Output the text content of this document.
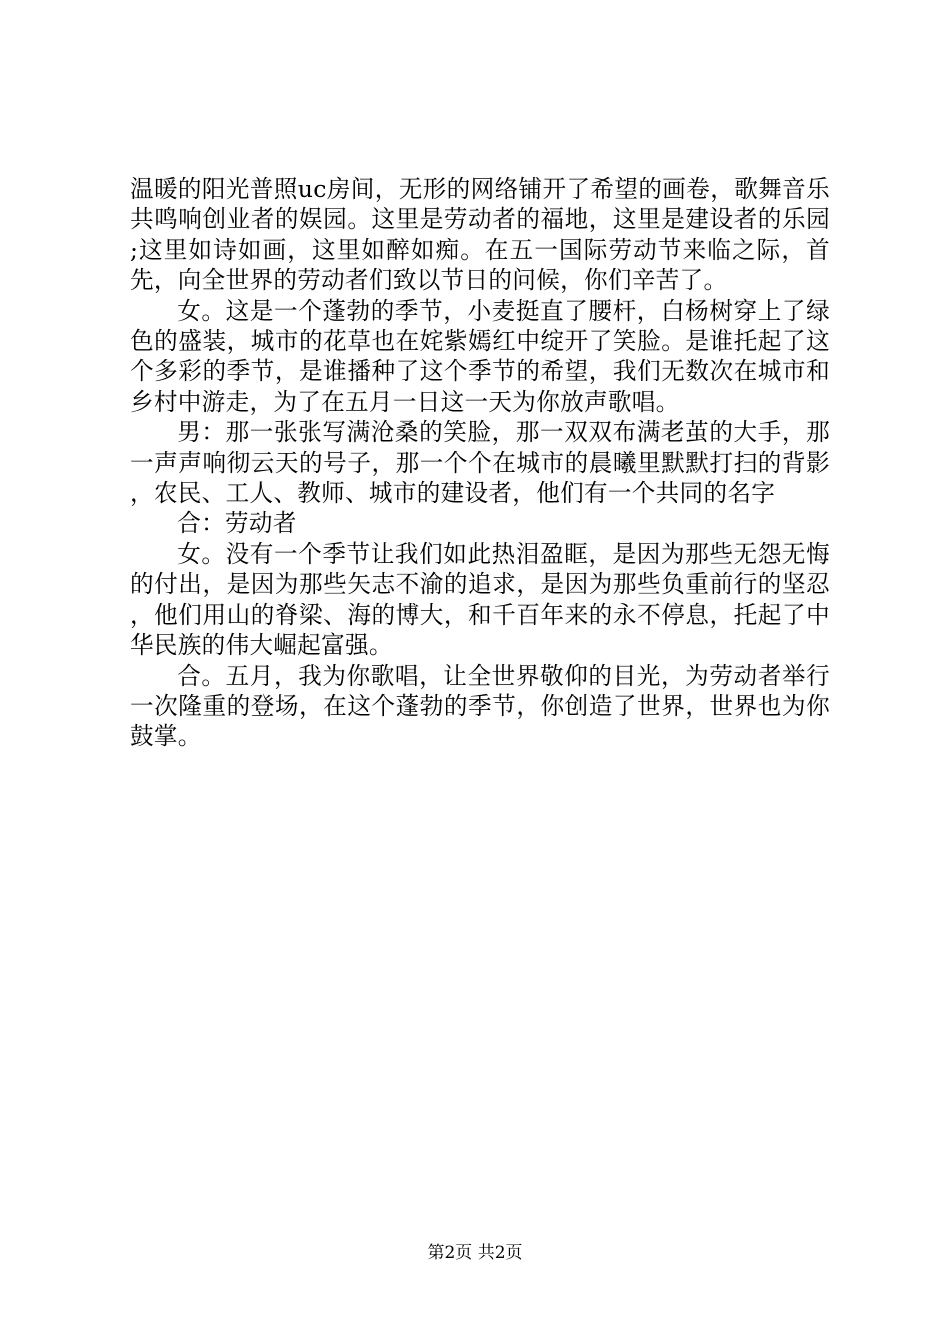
温暖的阳光普照uc房间，无形的网络铺开了希望的画卷，歌舞音乐共鸣响创业者的娱园。这里是劳动者的福地，这里是建设者的乐园;这里如诗如画，这里如醉如痴。在五一国际劳动节来临之际，首先，向全世界的劳动者们致以节日的问候，你们辛苦了。

女。这是一个蓬勃的季节，小麦挺直了腰杆，白杨树穿上了绿色的盛装，城市的花草也在姹紫嫣红中绽开了笑脸。是谁托起了这个多彩的季节，是谁播种了这个季节的希望，我们无数次在城市和乡村中游走，为了在五月一日这一天为你放声歌唱。

男：那一张张写满沧桑的笑脸，那一双双布满老茧的大手，那一声声响彻云天的号子，那一个个在城市的晨曦里默默打扫的背影，农民、工人、教师、城市的建设者，他们有一个共同的名字

合：劳动者

女。没有一个季节让我们如此热泪盈眶，是因为那些无怨无悔的付出，是因为那些矢志不渝的追求，是因为那些负重前行的坚忍，他们用山的脊梁、海的博大，和千百年来的永不停息，托起了中华民族的伟大崛起富强。

合。五月，我为你歌唱，让全世界敬仰的目光，为劳动者举行一次隆重的登场，在这个蓬勃的季节，你创造了世界，世界也为你鼓掌。

第2页 共2页
